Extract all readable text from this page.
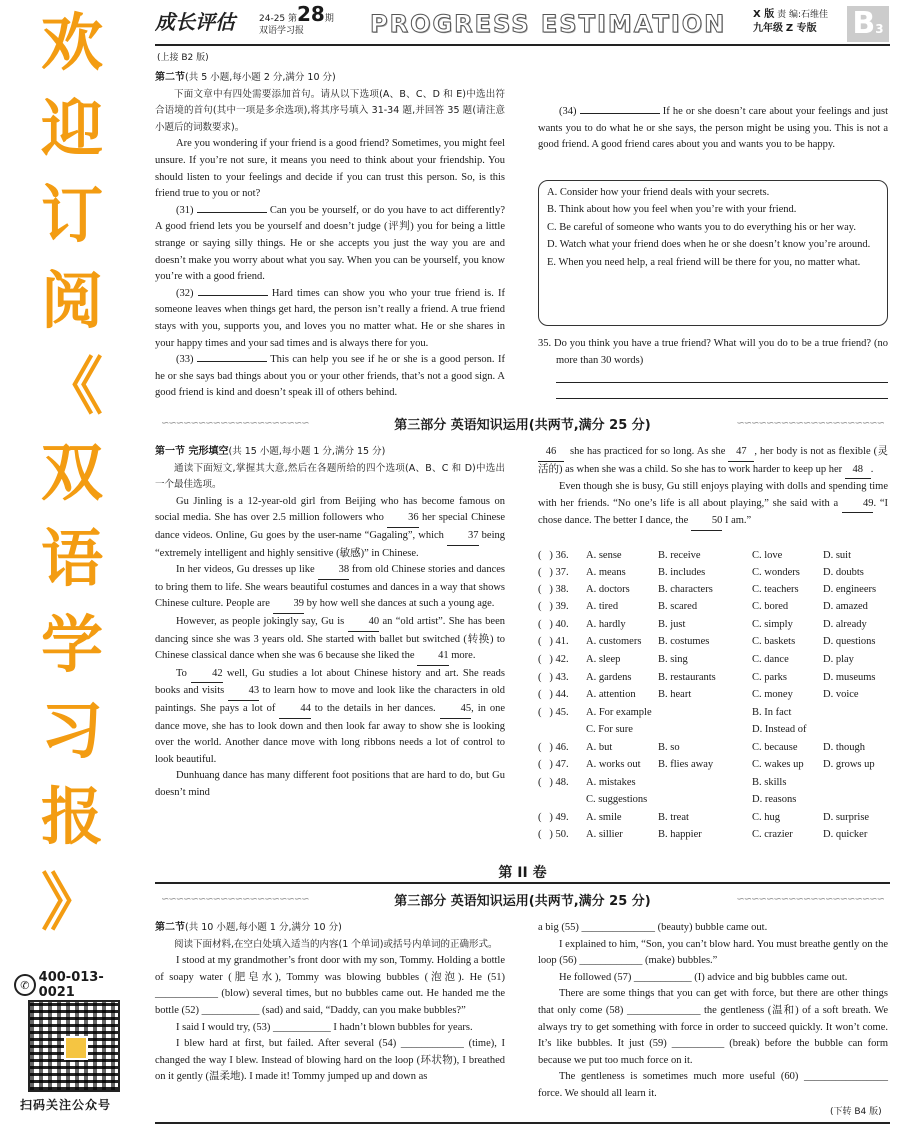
欢
迎
订
阅
《
双
语
学
习
报
》
✆ 400-013-0021
扫码关注公众号
成长评估	24-25 第28期
双语学习报	PROGRESS ESTIMATION	X 版 责 编:石维佳
九年级 Z 专版	B3
(上接 B2 版)

第二节(共 5 小题,每小题 2 分,满分 10 分)

下面文章中有四处需要添加首句。请从以下选项(A、B、C、D 和 E)中选出符合语境的首句(其中一项是多余选项),将其序号填入 31-34 题,并回答 35 题(请注意小题后的词数要求)。

Are you wondering if your friend is a good friend? Sometimes, you might feel unsure. If you’re not sure, it means you need to think about your friendship. You should listen to your feelings and decide if you can trust this person. So, is this friend true to you or not?

(31)	Can you be yourself, or do you have to act differently? A good friend lets you be yourself and doesn’t judge (评判) you for being a little strange or saying silly things. He or she accepts you just the way you are and doesn’t make you worry about what you say. When you can be yourself, you know you’re with a good friend.

(32)	Hard times can show you who your true friend is. If someone leaves when things get hard, the person isn’t really a friend. A true friend stays with you, supports you, and loves you no matter what. He or she shares in your happy times and your sad times and is always there for you.

(33)	This can help you see if he or she is a good person. If he or she says bad things about you or your other friends, that’s not a good sign. A good friend is kind and doesn’t speak ill of others behind.

(34)	If he or she doesn’t care about your feelings and just wants you to do what he or she says, the person might be using you. This is not a good friend. A good friend cares about you and wants you to be happy.

A. Consider how your friend deals with your secrets.

B. Think about how you feel when you’re with your friend.

C. Be careful of someone who wants you to do everything his or her way.

D. Watch what your friend does when he or she doesn’t know you’re around.

E. When you need help, a real friend will be there for you, no matter what.

35. Do you think you have a true friend? What will you do to be a true friend? (no more than 30 words)
∽∽∽∽∽∽∽∽∽∽∽∽∽∽∽∽∽∽∽∽	∽∽∽∽∽∽∽∽∽∽∽∽∽∽∽∽∽∽∽∽
第三部分 英语知识运用(共两节,满分 25 分)

第一节 完形填空(共 15 小题,每小题 1 分,满分 15 分)

通读下面短文,掌握其大意,然后在各题所给的四个选项(A、B、C 和 D)中选出一个最佳选项。

Gu Jinling is a 12-year-old girl from Beijing who has become famous on social media. She has over 2.5 million followers who 36 her special Chinese dance videos. Online, Gu goes by the user-name “Gagaling”, which 37 being “extremely intelligent and highly sensitive (敏感)” in Chinese.

In her videos, Gu dresses up like 38 from old Chinese stories and dances to bring them to life. She wears beautiful costumes and dances in a way that shows Chinese culture. People are 39 by how well she dances at such a young age.

However, as people jokingly say, Gu is 40 an “old artist”. She has been dancing since she was 3 years old. She started with ballet but switched (转换) to Chinese classical dance when she was 6 because she liked the 41 more.

To 42 well, Gu studies a lot about Chinese history and art. She reads books and visits 43 to learn how to move and look like the characters in old paintings. She pays a lot of 44 to the details in her dances. 45, in one dance move, she has to look down and then look far away to show she is looking over the world. Another dance move with long ribbons needs a lot of control to look beautiful.

Dunhuang dance has many different foot positions that are hard to do, but Gu doesn’t mind

46 she has practiced for so long. As she 47 , her body is not as flexible (灵活的) as when she was a child. So she has to work harder to keep up her 48 .

Even though she is busy, Gu still enjoys playing with dolls and spending time with her friends. “No one’s life is all about playing,” she said with a 49. “I chose dance. The better I dance, the 50 I am.”

(   ) 36. A. sense	B. receive	C. love	D. suit
(   ) 37. A. means	B. includes	C. wonders D. doubts
(   ) 38. A. doctors	B. characters	C. teachers D. engineers
(   ) 39. A. tired	B. scared	C. bored	D. amazed
(   ) 40. A. hardly	B. just	C. simply	D. already
(   ) 41. A. customers B. costumes	C. baskets	D. questions
(   ) 42. A. sleep	B. sing	C. dance	D. play
(   ) 43. A. gardens	B. restaurants	C. parks	D. museums
(   ) 44. A. attention B. heart	C. money	D. voice
(   ) 45. A. For example	B. In fact
C. For sure	D. Instead of
(   ) 46. A. but	B. so	C. because D. though
(   ) 47. A. works out B. flies away	C. wakes up D. grows up
(   ) 48. A. mistakes	B. skills
C. suggestions	D. reasons
(   ) 49. A. smile	B. treat	C. hug	D. surprise
(   ) 50. A. sillier	B. happier	C. crazier	D. quicker
第 II 卷
∽∽∽∽∽∽∽∽∽∽∽∽∽∽∽∽∽∽∽∽	∽∽∽∽∽∽∽∽∽∽∽∽∽∽∽∽∽∽∽∽
第三部分 英语知识运用(共两节,满分 25 分)

第二节(共 10 小题,每小题 1 分,满分 10 分)

阅读下面材料,在空白处填入适当的内容(1 个单词)或括号内单词的正确形式。

I stood at my grandmother’s front door with my son, Tommy. Holding a bottle of soapy water (肥皂水), Tommy was blowing bubbles (泡泡). He (51) ____________ (blow) several times, but no bubbles came out. He handed me the bottle (52) ___________ (sad) and said, “Daddy, can you make bubbles?”

I said I would try, (53) ___________ I hadn’t blown bubbles for years.

I blew hard at first, but failed. After several (54) ____________ (time), I changed the way I blew. Instead of blowing hard on the loop (环状物), I breathed on it gently (温柔地). I made it! Tommy jumped up and down as

a big (55) ______________ (beauty) bubble came out.

I explained to him, “Son, you can’t blow hard. You must breathe gently on the loop (56) ____________ (make) bubbles.”

He followed (57) ___________ (I) advice and big bubbles came out.

There are some things that you can get with force, but there are other things that only come (58) ______________ the gentleness (温和) of a soft breath. We always try to get something with force in order to succeed quickly. It won’t come. It’s like bubbles. It just (59) __________ (break) before the bubble can form because we put too much force on it.

The gentleness is sometimes much more useful (60) ________________ force. We should all learn it.

(下转 B4 版)
